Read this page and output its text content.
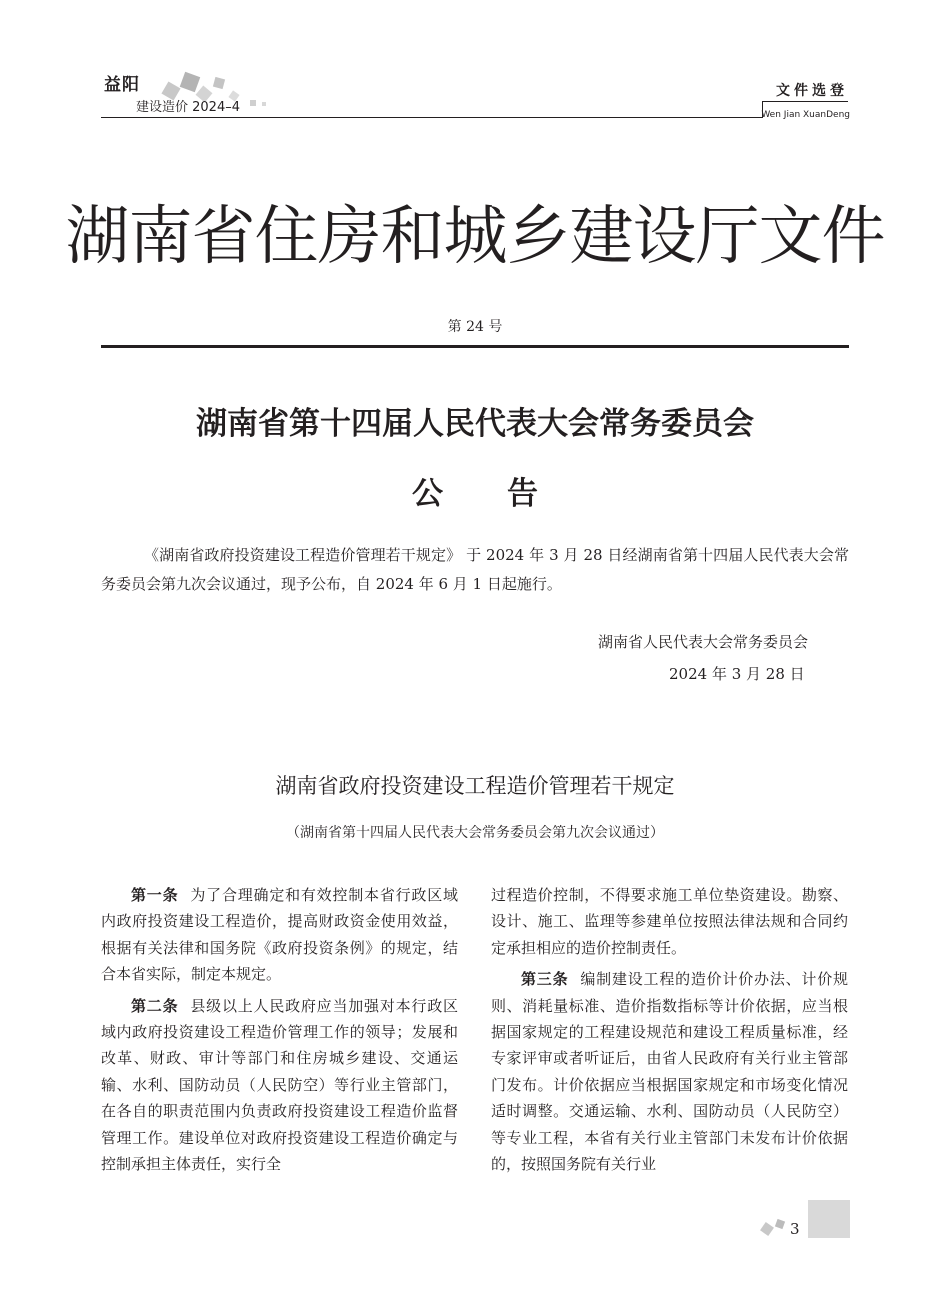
益阳
建设造价 2024–4
文件选登
Wen Jian XuanDeng
湖南省住房和城乡建设厅文件
第 24 号
湖南省第十四届人民代表大会常务委员会
公告
《湖南省政府投资建设工程造价管理若干规定》 于 2024 年 3 月 28 日经湖南省第十四届人民代表大会常务委员会第九次会议通过，现予公布，自 2024 年 6 月 1 日起施行。
湖南省人民代表大会常务委员会
2024 年 3 月 28 日
湖南省政府投资建设工程造价管理若干规定
（湖南省第十四届人民代表大会常务委员会第九次会议通过）

第一条 为了合理确定和有效控制本省行政区域内政府投资建设工程造价，提高财政资金使用效益，根据有关法律和国务院《政府投资条例》的规定，结合本省实际，制定本规定。

第二条 县级以上人民政府应当加强对本行政区域内政府投资建设工程造价管理工作的领导；发展和改革、财政、审计等部门和住房城乡建设、交通运输、水利、国防动员（人民防空）等行业主管部门，在各自的职责范围内负责政府投资建设工程造价监督管理工作。建设单位对政府投资建设工程造价确定与控制承担主体责任，实行全

过程造价控制，不得要求施工单位垫资建设。勘察、设计、施工、监理等参建单位按照法律法规和合同约定承担相应的造价控制责任。

第三条 编制建设工程的造价计价办法、计价规则、消耗量标准、造价指数指标等计价依据，应当根据国家规定的工程建设规范和建设工程质量标准，经专家评审或者听证后，由省人民政府有关行业主管部门发布。计价依据应当根据国家规定和市场变化情况适时调整。交通运输、水利、国防动员（人民防空）等专业工程，本省有关行业主管部门未发布计价依据的，按照国务院有关行业

3
